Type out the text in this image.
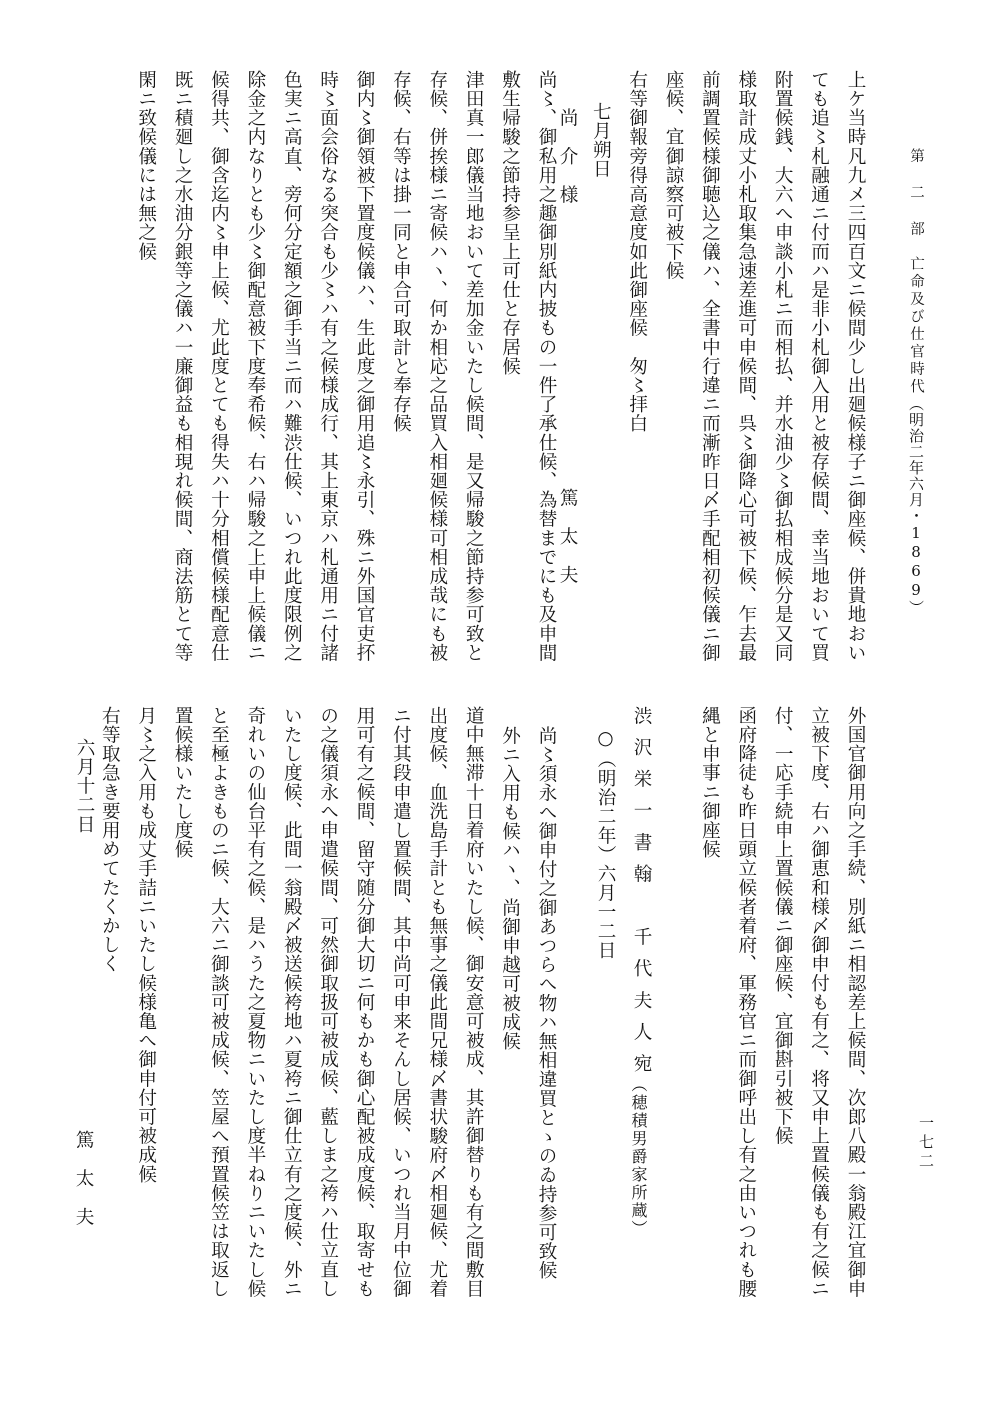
第 二 部　亡命及び仕官時代（明治二年六月・1869）
一七二

上ケ当時凡九メ三四百文ニ候間少し出廻候様子ニ御座候、併貴地おい

ても追〻札融通ニ付而ハ是非小札御入用と被存候間、幸当地おいて買

附置候銭、大六へ申談小札ニ而相払、并水油少〻御払相成候分是又同

様取計成丈小札取集急速差進可申候間、呉〻御降心可被下候、乍去最

前調置候様御聴込之儀ハ、全書中行違ニ而漸昨日〆手配相初候儀ニ御

座候、宜御諒察可被下候

右等御報旁得高意度如此御座候　匆〻拝白

七月朔日

尚介様
篤太夫

尚〻、御私用之趣御別紙内披もの一件了承仕候、為替までにも及申間

敷生帰駿之節持参呈上可仕と存居候

津田真一郎儀当地おいて差加金いたし候間、是又帰駿之節持参可致と

存候、併挨様ニ寄候ハヽ、何か相応之品買入相廻候様可相成哉にも被

存候、右等は掛一同と申合可取計と奉存候

御内〻御領被下置度候儀ハ、生此度之御用追〻永引、殊ニ外国官吏抔

時〻面会俗なる突合も少〻ハ有之候様成行、其上東京ハ札通用ニ付諸

色実ニ高直、旁何分定額之御手当ニ而ハ難渋仕候、いつれ此度限例之

除金之内なりとも少〻御配意被下度奉希候、右ハ帰駿之上申上候儀ニ

候得共、御含迄内〻申上候、尤此度とても得失ハ十分相償候様配意仕

既ニ積廻し之水油分銀等之儀ハ一廉御益も相現れ候間、商法筋とて等

閑ニ致候儀には無之候

外国官御用向之手続、別紙ニ相認差上候間、次郎八殿一翁殿江宜御申

立被下度、右ハ御恵和様〆御申付も有之、将又申上置候儀も有之候ニ

付、一応手続申上置候儀ニ御座候、宜御斟引被下候

函府降徒も昨日頭立候者着府、軍務官ニ而御呼出し有之由いつれも腰

縄と申事ニ御座候

渋沢栄一書翰　千代夫人宛
（穂積男爵家所蔵）
○（明治二年）六月一二日

尚〻須永へ御申付之御あつらへ物ハ無相違買とゝのゐ持参可致候

外ニ入用も候ハヽ、尚御申越可被成候

道中無滞十日着府いたし候、御安意可被成、其許御替りも有之間敷目

出度候、血洗島手計とも無事之儀此間兄様〆書状駿府〆相廻候、尤着

ニ付其段申遣し置候間、其中尚可申来そんし居候、いつれ当月中位御

用可有之候間、留守随分御大切ニ何もかも御心配被成度候、取寄せも

の之儀須永へ申遣候間、可然御取扱可被成候、藍しま之袴ハ仕立直し

いたし度候、此間一翁殿〆被送候袴地ハ夏袴ニ御仕立有之度候、外ニ

奇れいの仙台平有之候、是ハうた之夏物ニいたし度半ねりニいたし候

と至極よきものニ候、大六ニ御談可被成候、笠屋へ預置候笠は取返し

置候様いたし度候

月〻之入用も成丈手詰ニいたし候様亀へ御申付可被成候

右等取急き要用めてたくかしく

六月十二日
篤太夫
